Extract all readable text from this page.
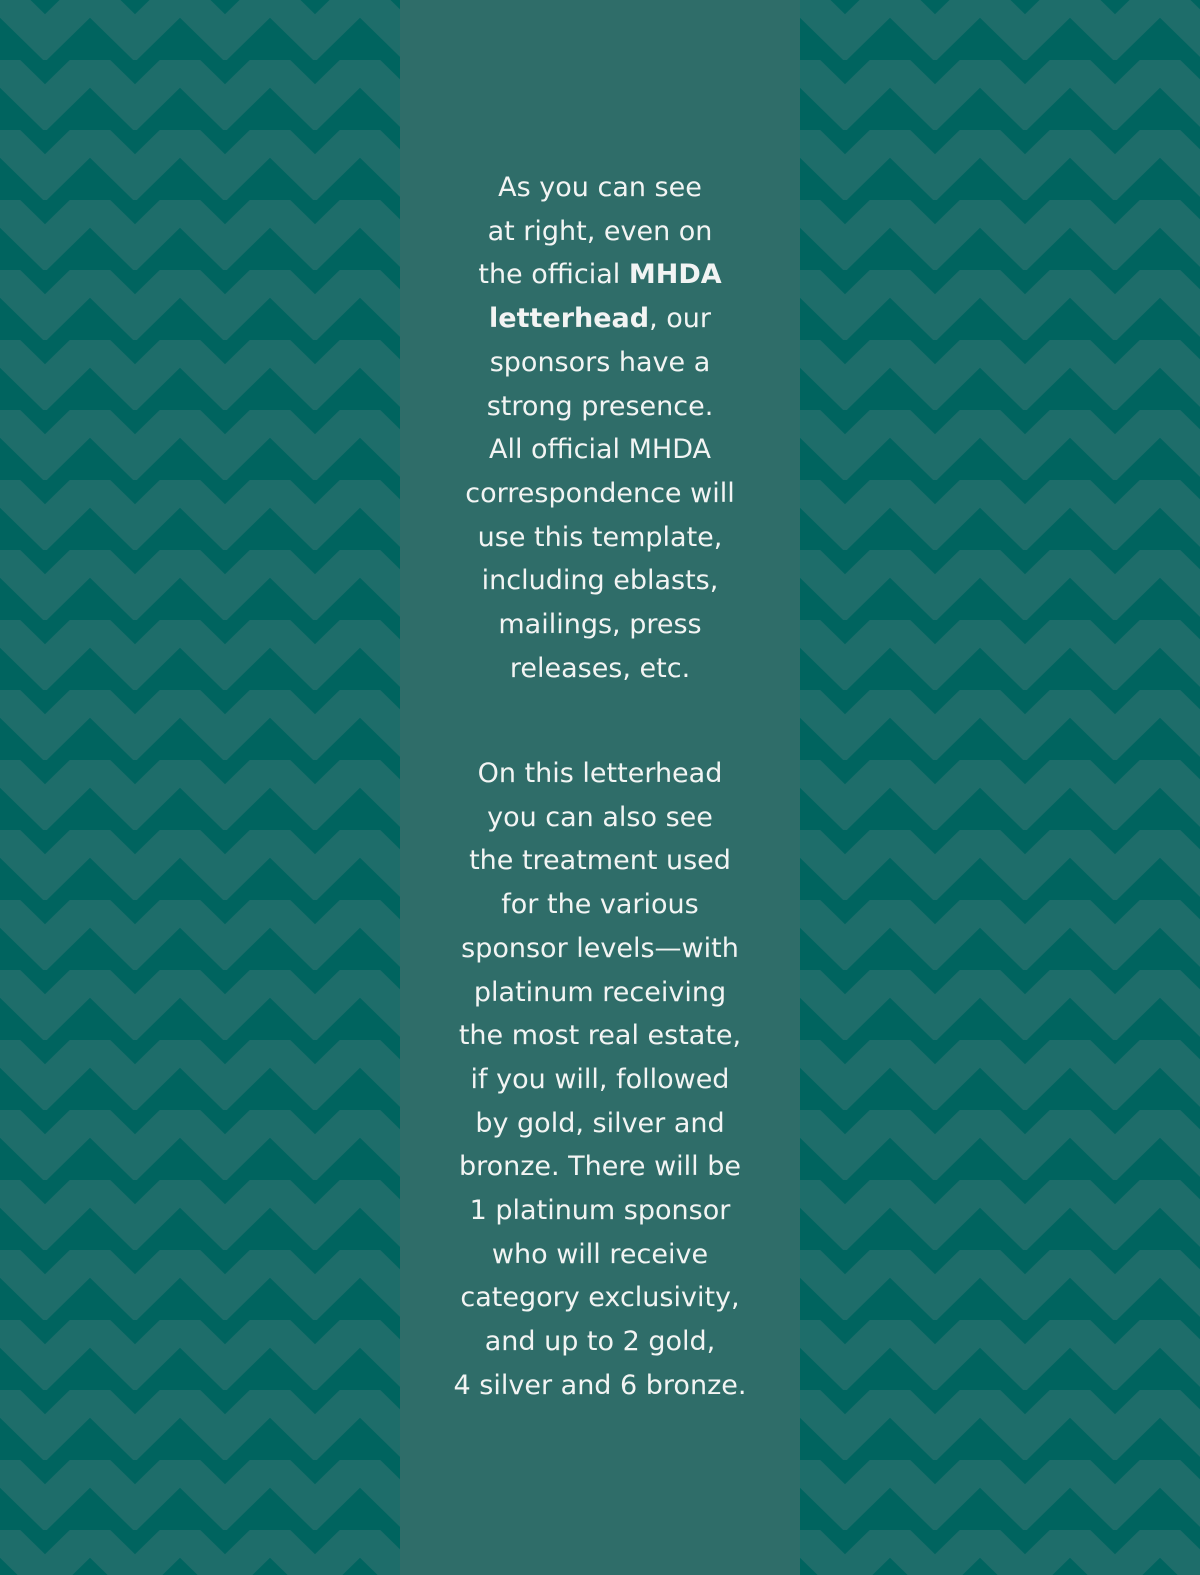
As you can see
at right, even on
the official MHDA
letterhead, our
sponsors have a
strong presence.
All official MHDA
correspondence will
use this template,
including eblasts,
mailings, press
releases, etc.
On this letterhead
you can also see
the treatment used
for the various
sponsor levels—with
platinum receiving
the most real estate,
if you will, followed
by gold, silver and
bronze. There will be
1 platinum sponsor
who will receive
category exclusivity,
and up to 2 gold,
4 silver and 6 bronze.
